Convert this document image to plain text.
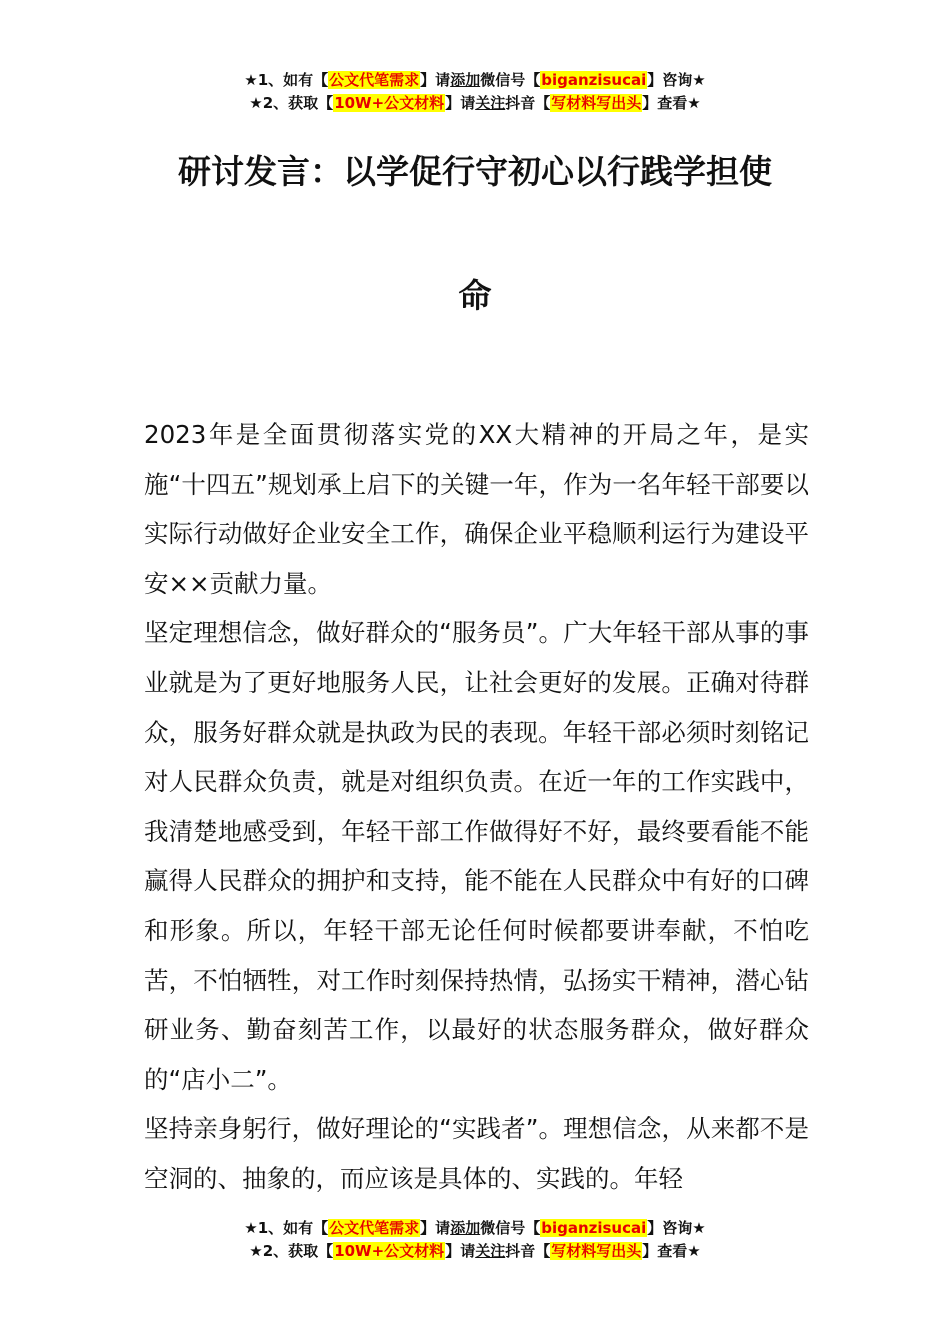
★1、如有【公文代笔需求】请添加微信号【biganzisucai】咨询★
★2、获取【10W+公文材料】请关注抖音【写材料写出头】查看★
研讨发言：以学促行守初心以行践学担使
命

2023年是全面贯彻落实党的XX大精神的开局之年，是实施“十四五”规划承上启下的关键一年，作为一名年轻干部要以实际行动做好企业安全工作，确保企业平稳顺利运行为建设平安××贡献力量。

坚定理想信念，做好群众的“服务员”。广大年轻干部从事的事业就是为了更好地服务人民，让社会更好的发展。正确对待群众，服务好群众就是执政为民的表现。年轻干部必须时刻铭记对人民群众负责，就是对组织负责。在近一年的工作实践中，我清楚地感受到，年轻干部工作做得好不好，最终要看能不能赢得人民群众的拥护和支持，能不能在人民群众中有好的口碑和形象。所以，年轻干部无论任何时候都要讲奉献，不怕吃苦，不怕牺牲，对工作时刻保持热情，弘扬实干精神，潜心钻研业务、勤奋刻苦工作，以最好的状态服务群众，做好群众的“店小二”。

坚持亲身躬行，做好理论的“实践者”。理想信念，从来都不是空洞的、抽象的，而应该是具体的、实践的。年轻

★1、如有【公文代笔需求】请添加微信号【biganzisucai】咨询★
★2、获取【10W+公文材料】请关注抖音【写材料写出头】查看★
